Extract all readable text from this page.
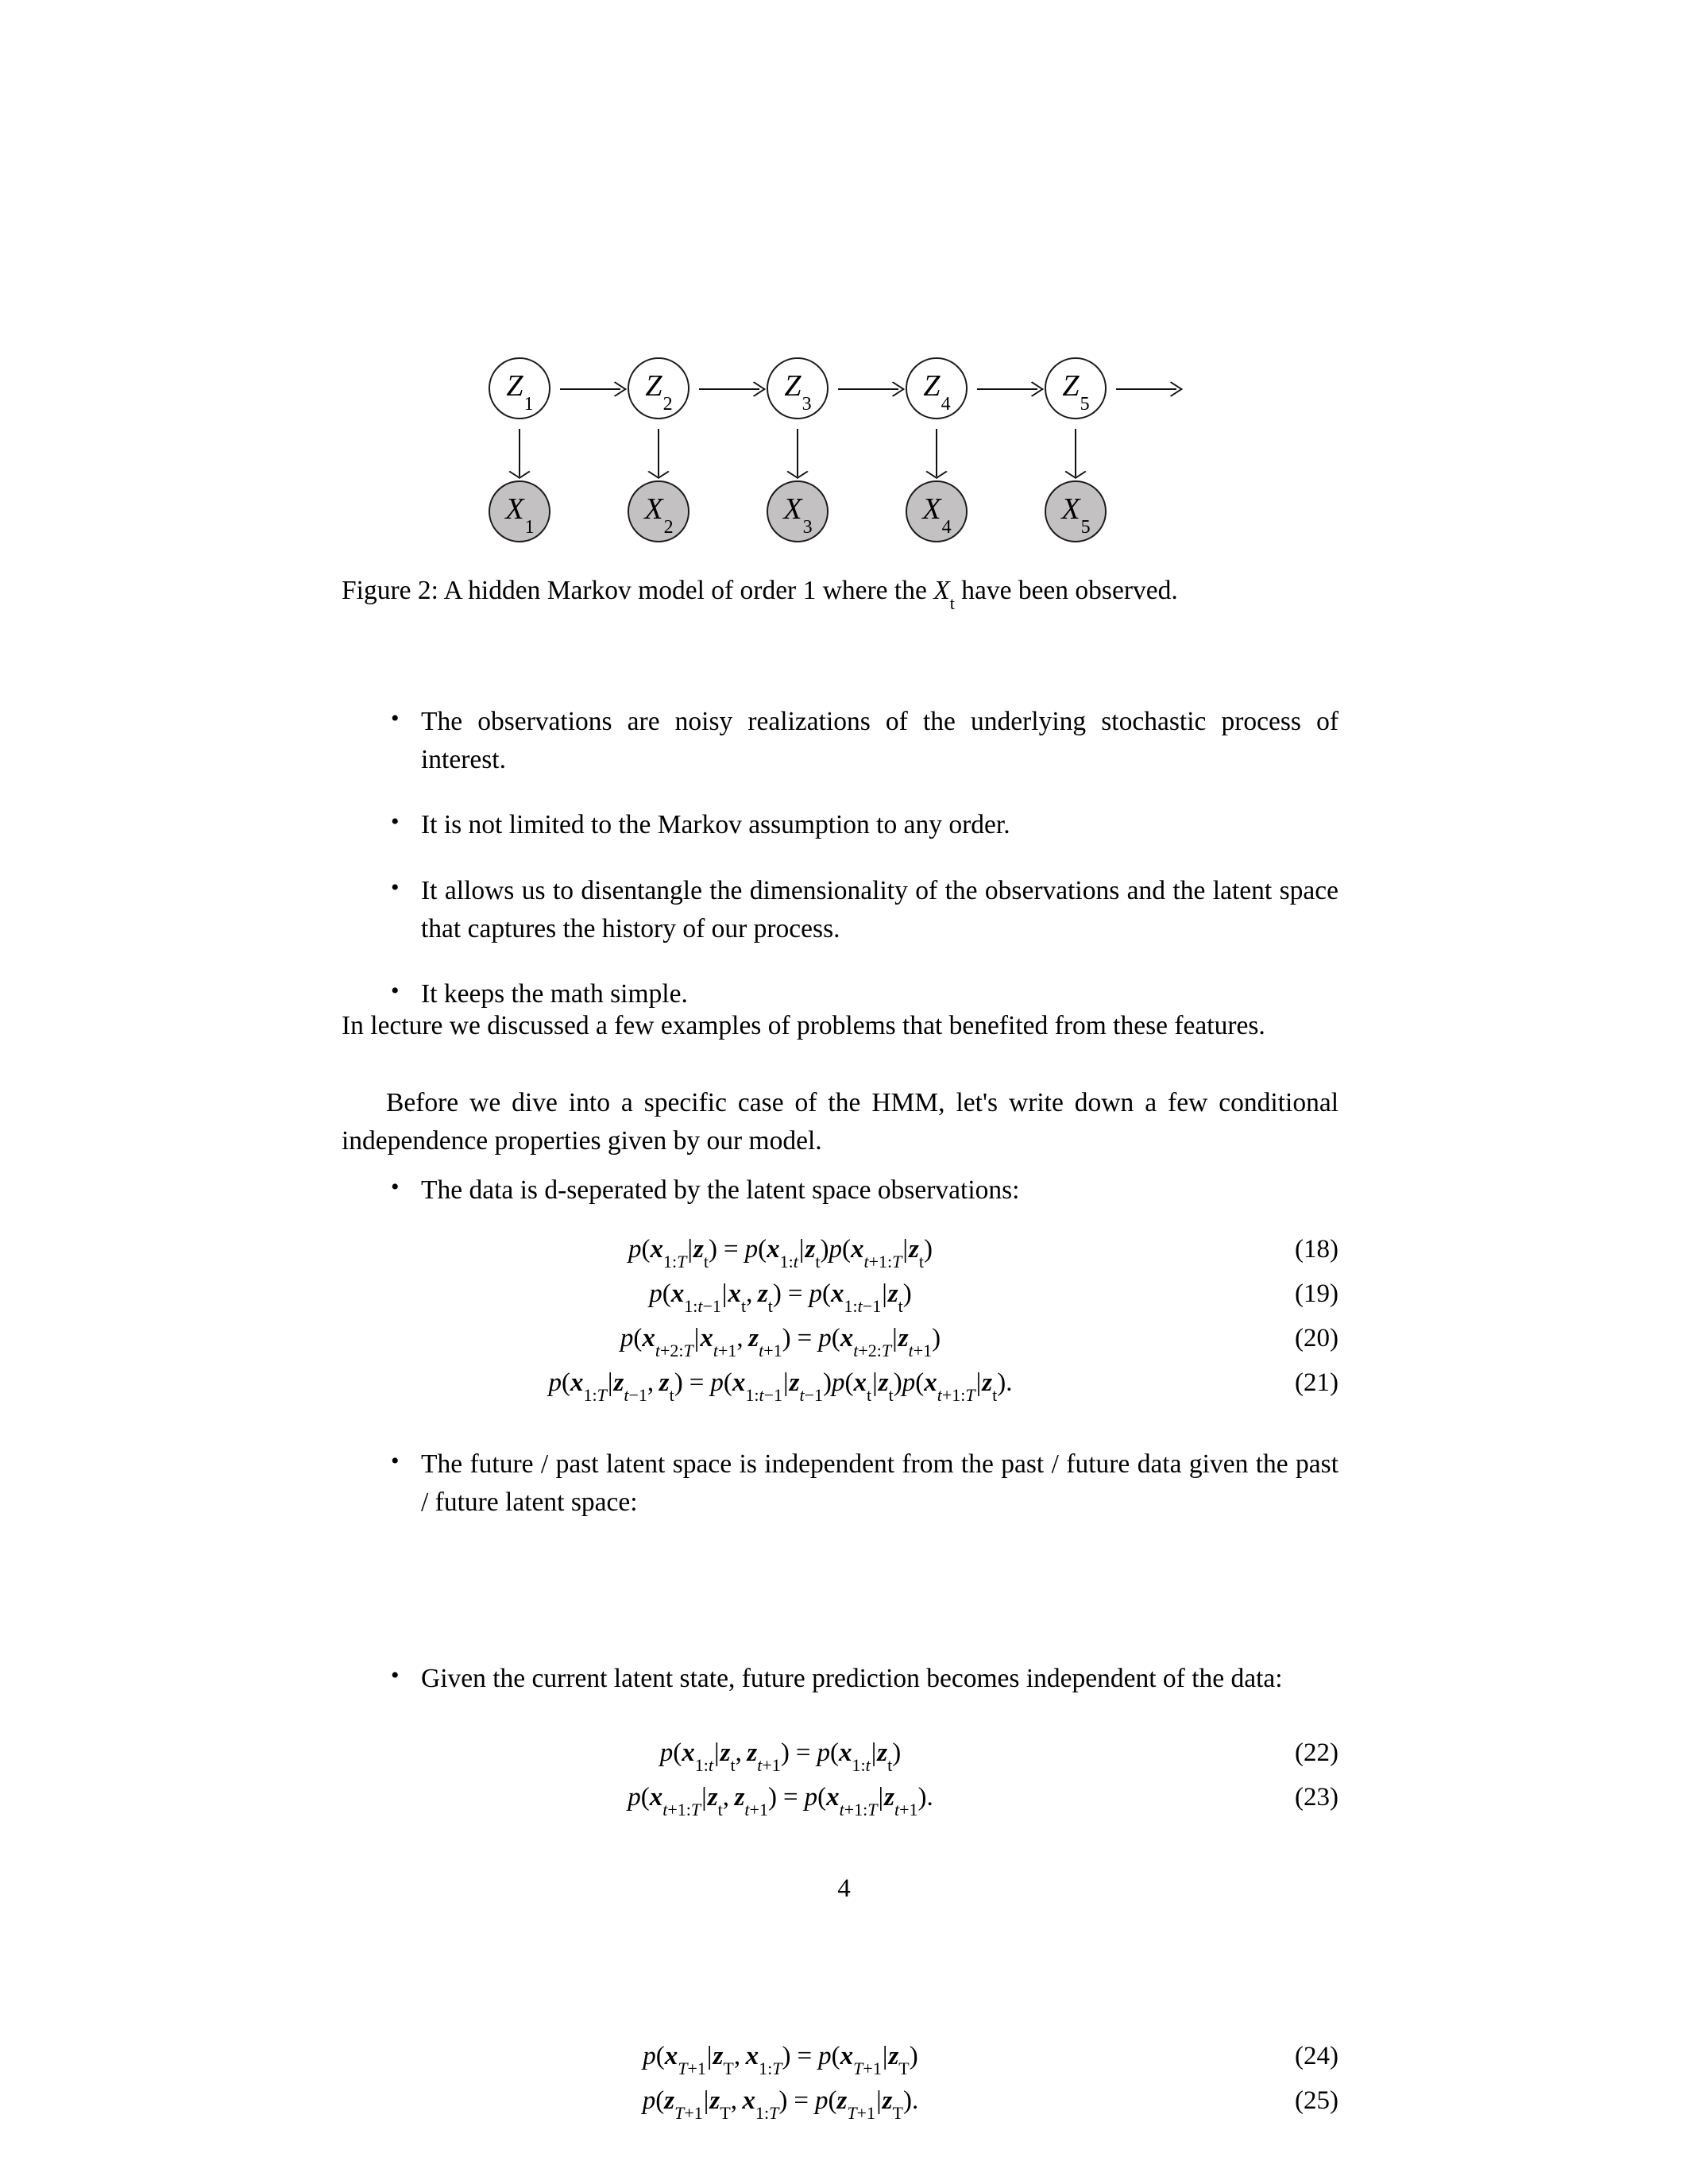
$Z_1$
$Z_2$
$Z_3$
$Z_4$
$Z_5$
$X_1$
$X_2$
$X_3$
$X_4$
$X_5$
Figure 2: A hidden Markov model of order 1 where the $X_t$ have been observed.
• The observations are noisy realizations of the underlying stochastic process of interest.
• It is not limited to the Markov assumption to any order.
• It allows us to disentangle the dimensionality of the observations and the latent space that captures the history of our process.
• It keeps the math simple.
In lecture we discussed a few examples of problems that benefited from these features.
Before we dive into a specific case of the HMM, let's write down a few conditional independence properties given by our model.
• The data is d-seperated by the latent space observations:
$p(x_{1:T}|z_t) = p(x_{1:t}|z_t)p(x_{t+1:T}|z_t)$	(18)
$p(x_{1:t-1}|x_t$, $z_t) = p(x_{1:t-1}|z_t)$	(19)
$p(x_{t+2:T}|x_{t+1}$, $z_{t+1}) = p(x_{t+2:T}|z_{t+1})$	(20)
$p(x_{1:T}|z_{t-1}$, $z_t) = p(x_{1:t-1}|z_{t-1})p(x_t|z_t)p(x_{t+1:T}|z_t)$.	(21)
• The future / past latent space is independent from the past / future data given the past / future latent space:
$p(x_{1:t}|z_t$, $z_{t+1}) = p(x_{1:t}|z_t)$	(22)
$p(x_{t+1:T}|z_t$, $z_{t+1}) = p(x_{t+1:T}|z_{t+1})$.	(23)
• Given the current latent state, future prediction becomes independent of the data:
$p(x_{T+1}|z_T$, $x_{1:T}) = p(x_{T+1}|z_T)$	(24)
$p(z_{T+1}|z_T$, $x_{1:T}) = p(z_{T+1}|z_T)$.	(25)
4
